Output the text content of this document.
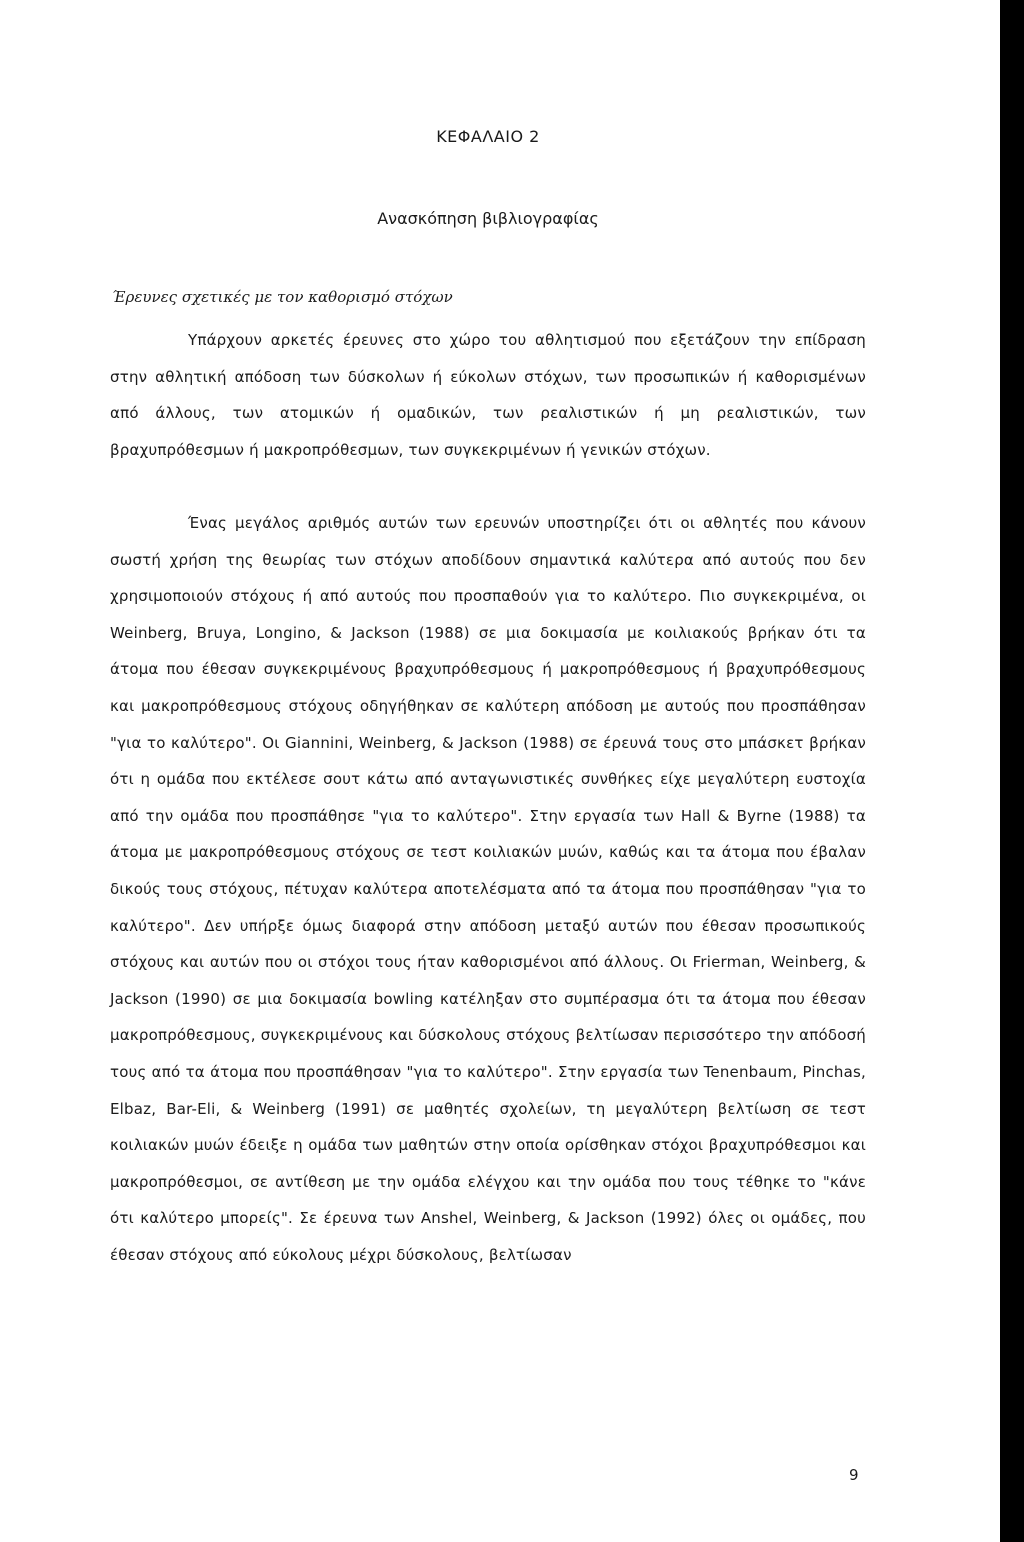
ΚΕΦΑΛΑΙΟ 2
Ανασκόπηση βιβλιογραφίας
Έρευνες σχετικές με τον καθορισμό στόχων

Υπάρχουν αρκετές έρευνες στο χώρο του αθλητισμού που εξετάζουν την επίδραση στην αθλητική απόδοση των δύσκολων ή εύκολων στόχων, των προσωπικών ή καθορισμένων από άλλους, των ατομικών ή ομαδικών, των ρεαλιστικών ή μη ρεαλιστικών, των βραχυπρόθεσμων ή μακροπρόθεσμων, των συγκεκριμένων ή γενικών στόχων.

Ένας μεγάλος αριθμός αυτών των ερευνών υποστηρίζει ότι οι αθλητές που κάνουν σωστή χρήση της θεωρίας των στόχων αποδίδουν σημαντικά καλύτερα από αυτούς που δεν χρησιμοποιούν στόχους ή από αυτούς που προσπαθούν για το καλύτερο. Πιο συγκεκριμένα, οι Weinberg, Bruya, Longino, & Jackson (1988) σε μια δοκιμασία με κοιλιακούς βρήκαν ότι τα άτομα που έθεσαν συγκεκριμένους βραχυπρόθεσμους ή μακροπρόθεσμους ή βραχυπρόθεσμους και μακροπρόθεσμους στόχους οδηγήθηκαν σε καλύτερη απόδοση με αυτούς που προσπάθησαν "για το καλύτερο". Οι Giannini, Weinberg, & Jackson (1988) σε έρευνά τους στο μπάσκετ βρήκαν ότι η ομάδα που εκτέλεσε σουτ κάτω από ανταγωνιστικές συνθήκες είχε μεγαλύτερη ευστοχία από την ομάδα που προσπάθησε "για το καλύτερο". Στην εργασία των Hall & Byrne (1988) τα άτομα με μακροπρόθεσμους στόχους σε τεστ κοιλιακών μυών, καθώς και τα άτομα που έβαλαν δικούς τους στόχους, πέτυχαν καλύτερα αποτελέσματα από τα άτομα που προσπάθησαν "για το καλύτερο". Δεν υπήρξε όμως διαφορά στην απόδοση μεταξύ αυτών που έθεσαν προσωπικούς στόχους και αυτών που οι στόχοι τους ήταν καθορισμένοι από άλλους. Οι Frierman, Weinberg, & Jackson (1990) σε μια δοκιμασία bowling κατέληξαν στο συμπέρασμα ότι τα άτομα που έθεσαν μακροπρόθεσμους, συγκεκριμένους και δύσκολους στόχους βελτίωσαν περισσότερο την απόδοσή τους από τα άτομα που προσπάθησαν "για το καλύτερο". Στην εργασία των Tenenbaum, Pinchas, Elbaz, Bar-Eli, & Weinberg (1991) σε μαθητές σχολείων, τη μεγαλύτερη βελτίωση σε τεστ κοιλιακών μυών έδειξε η ομάδα των μαθητών στην οποία ορίσθηκαν στόχοι βραχυπρόθεσμοι και μακροπρόθεσμοι, σε αντίθεση με την ομάδα ελέγχου και την ομάδα που τους τέθηκε το "κάνε ότι καλύτερο μπορείς". Σε έρευνα των Anshel, Weinberg, & Jackson (1992) όλες οι ομάδες, που έθεσαν στόχους από εύκολους μέχρι δύσκολους, βελτίωσαν

9
